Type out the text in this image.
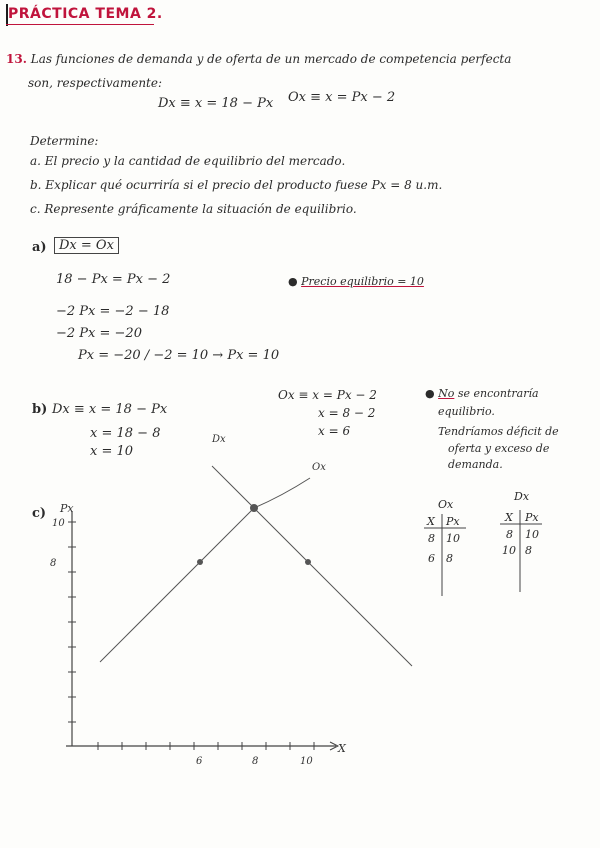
PRÁCTICA TEMA 2.
13. Las funciones de demanda y de oferta de un mercado de competencia perfecta
son, respectivamente:
Dx ≡ x = 18 − Px Ox ≡ x = Px − 2
Determine:
a. El precio y la cantidad de equilibrio del mercado.
b. Explicar qué ocurriría si el precio del producto fuese Px = 8 u.m.
c. Represente gráficamente la situación de equilibrio.
a) Dx = Ox
18 − Px = Px − 2
−2 Px = −2 − 18
−2 Px = −20
Px = −20 / −2 = 10 → Px = 10
● Precio equilibrio = 10
b) Dx ≡ x = 18 − Px
x = 18 − 8
x = 10
Ox ≡ x = Px − 2
x = 8 − 2
x = 6
● No se encontraría
equilibrio.
Tendríamos déficit de
oferta y exceso de
demanda.
c) Px
X
10
8
6	8	10
Dx
Ox
Ox
Dx
X Px
8 10
6 8
X Px
8 10
10 8
